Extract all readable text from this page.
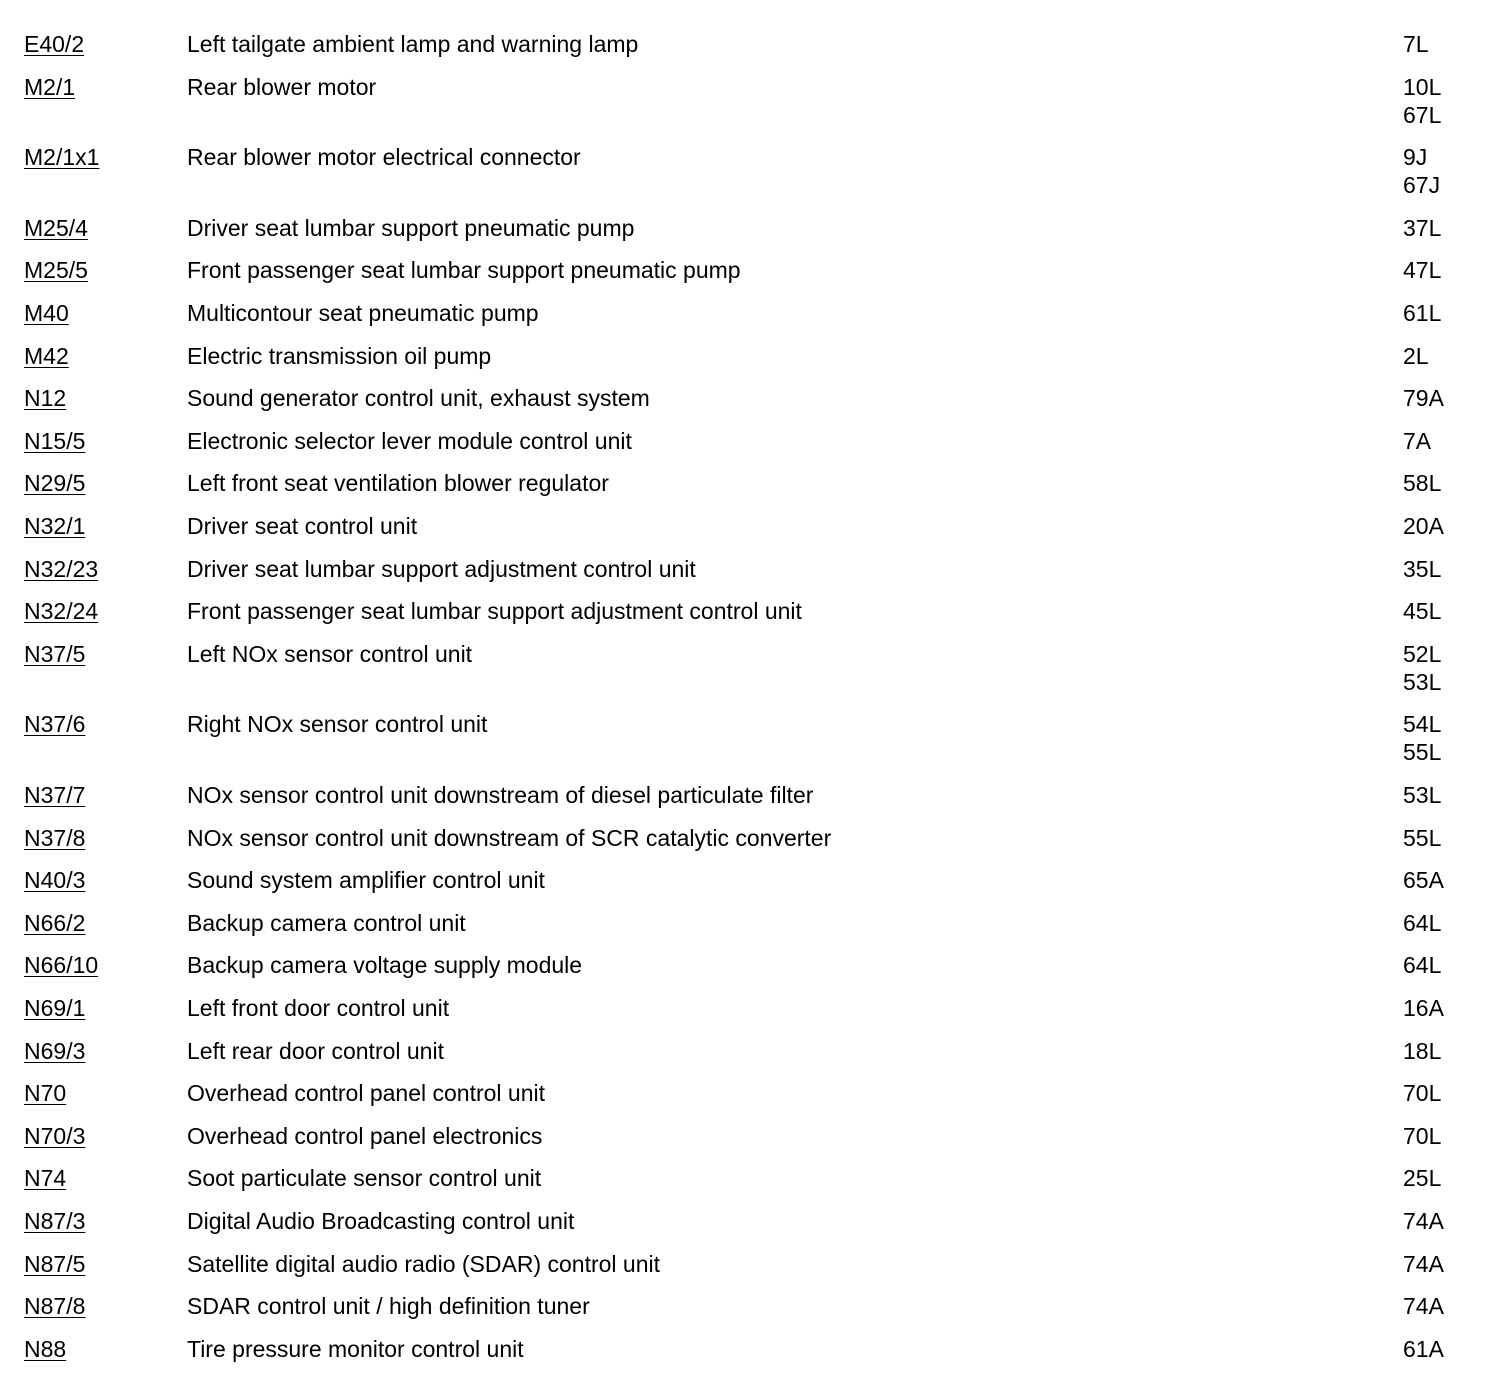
E40/2	Left tailgate ambient lamp and warning lamp	7L
M2/1	Rear blower motor	10L
67L
M2/1x1	Rear blower motor electrical connector	9J
67J
M25/4	Driver seat lumbar support pneumatic pump	37L
M25/5	Front passenger seat lumbar support pneumatic pump	47L
M40	Multicontour seat pneumatic pump	61L
M42	Electric transmission oil pump	2L
N12	Sound generator control unit, exhaust system	79A
N15/5	Electronic selector lever module control unit	7A
N29/5	Left front seat ventilation blower regulator	58L
N32/1	Driver seat control unit	20A
N32/23	Driver seat lumbar support adjustment control unit	35L
N32/24	Front passenger seat lumbar support adjustment control unit	45L
N37/5	Left NOx sensor control unit	52L
53L
N37/6	Right NOx sensor control unit	54L
55L
N37/7	NOx sensor control unit downstream of diesel particulate filter	53L
N37/8	NOx sensor control unit downstream of SCR catalytic converter	55L
N40/3	Sound system amplifier control unit	65A
N66/2	Backup camera control unit	64L
N66/10	Backup camera voltage supply module	64L
N69/1	Left front door control unit	16A
N69/3	Left rear door control unit	18L
N70	Overhead control panel control unit	70L
N70/3	Overhead control panel electronics	70L
N74	Soot particulate sensor control unit	25L
N87/3	Digital Audio Broadcasting control unit	74A
N87/5	Satellite digital audio radio (SDAR) control unit	74A
N87/8	SDAR control unit / high definition tuner	74A
N88	Tire pressure monitor control unit	61A
